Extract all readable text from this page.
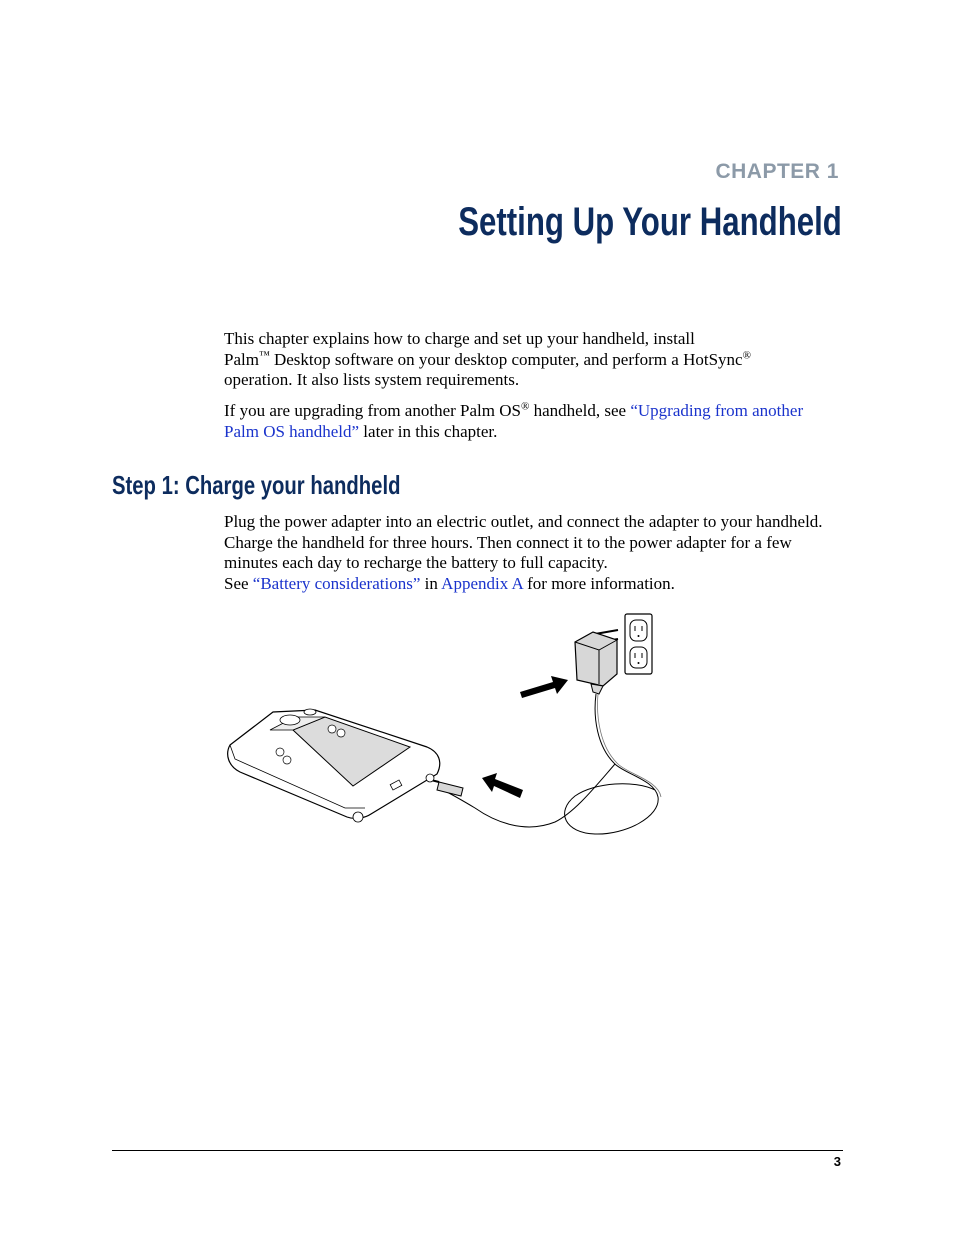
CHAPTER 1
Setting Up Your Handheld

This chapter explains how to charge and set up your handheld, install
Palm™ Desktop software on your desktop computer, and perform a HotSync®
operation. It also lists system requirements.

If you are upgrading from another Palm OS® handheld, see “Upgrading from another Palm OS handheld” later in this chapter.

Step 1: Charge your handheld

Plug the power adapter into an electric outlet, and connect the adapter to your handheld. Charge the handheld for three hours. Then connect it to the power adapter for a few minutes each day to recharge the battery to full capacity.
See “Battery considerations” in Appendix A for more information.

3
